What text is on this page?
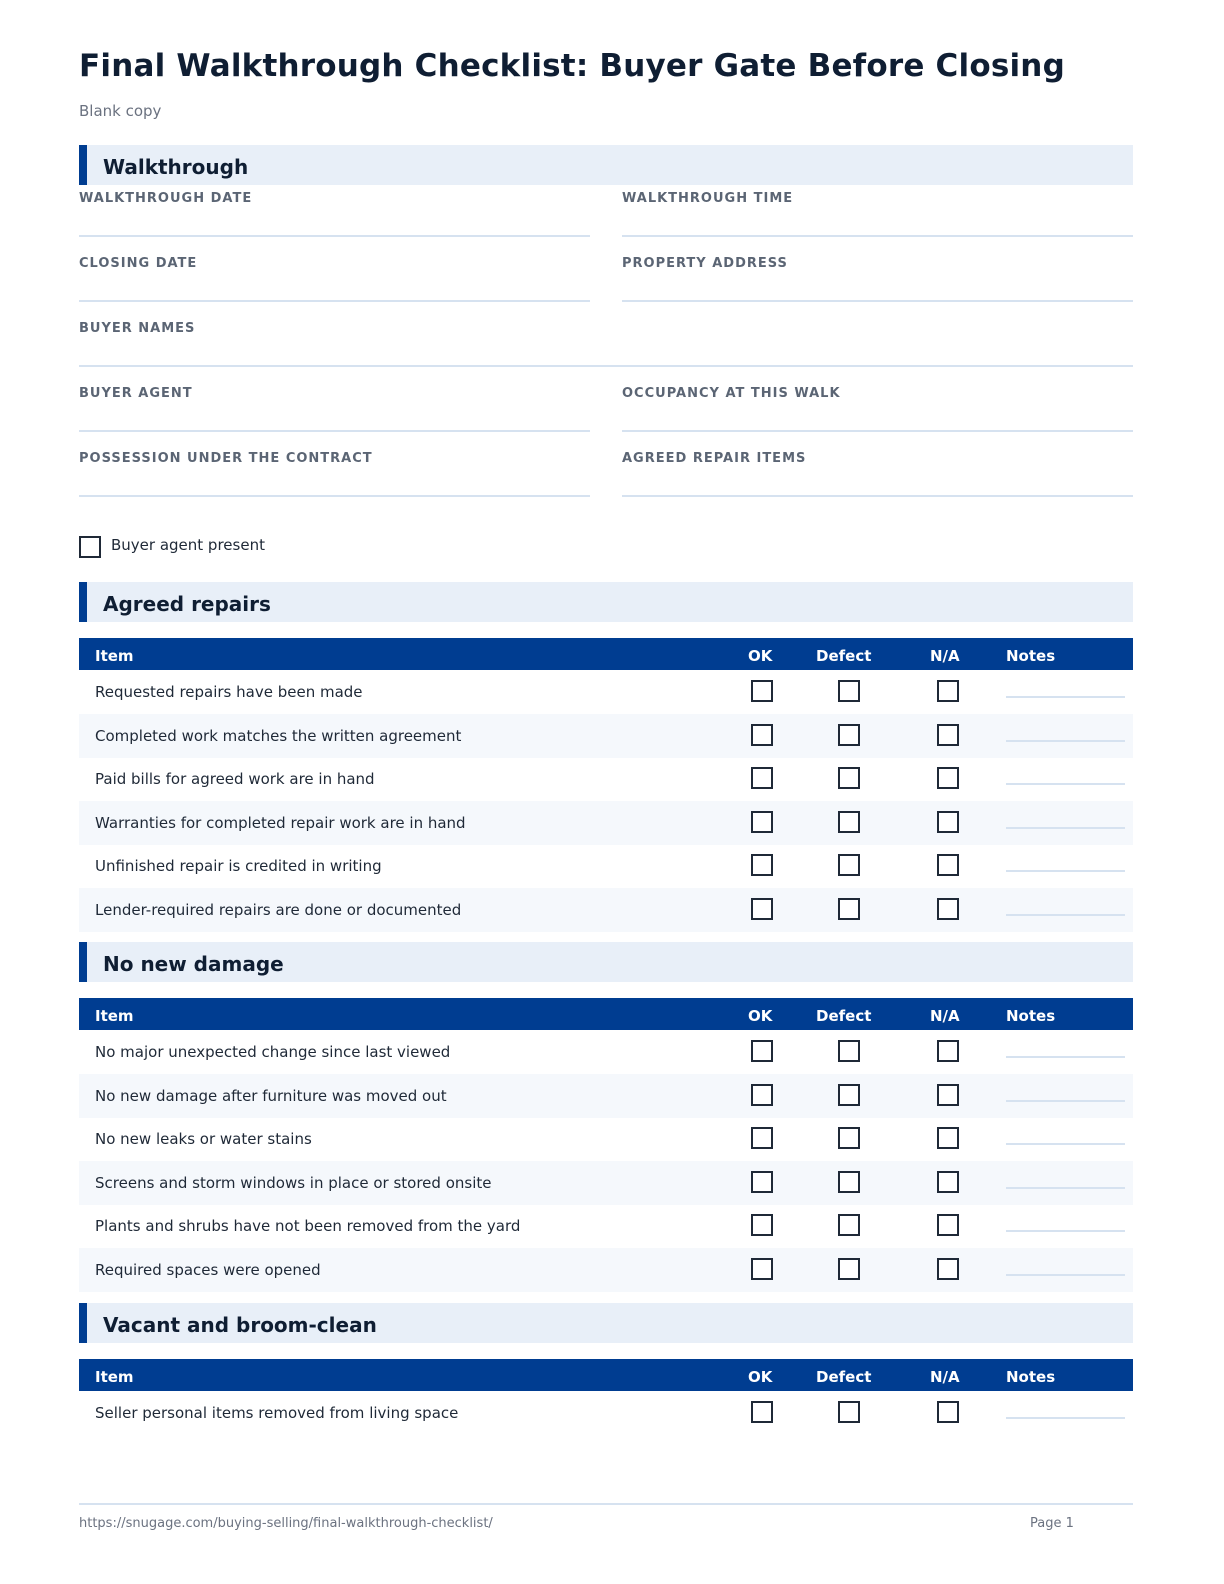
Final Walkthrough Checklist: Buyer Gate Before Closing
Blank copy
Walkthrough
WALKTHROUGH DATE	WALKTHROUGH TIME
CLOSING DATE	PROPERTY ADDRESS
BUYER NAMES
BUYER AGENT	OCCUPANCY AT THIS WALK
POSSESSION UNDER THE CONTRACT	AGREED REPAIR ITEMS
Buyer agent present
Agreed repairs
Item	OK	Defect	N/A	Notes
Requested repairs have been made
Completed work matches the written agreement
Paid bills for agreed work are in hand
Warranties for completed repair work are in hand
Unfinished repair is credited in writing
Lender-required repairs are done or documented
No new damage
Item	OK	Defect	N/A	Notes
No major unexpected change since last viewed
No new damage after furniture was moved out
No new leaks or water stains
Screens and storm windows in place or stored onsite
Plants and shrubs have not been removed from the yard
Required spaces were opened
Vacant and broom-clean
Item	OK	Defect	N/A	Notes
Seller personal items removed from living space
https://snugage.com/buying-selling/final-walkthrough-checklist/	Page 1
